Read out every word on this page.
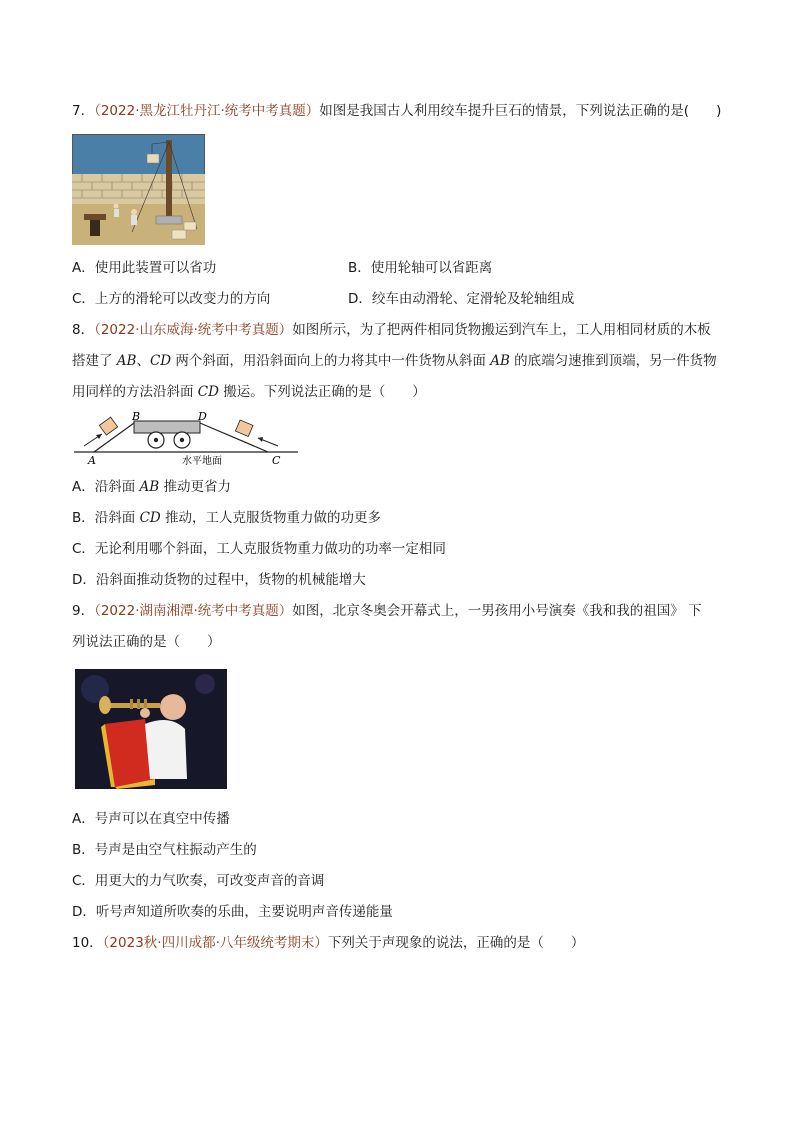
7．（2022·黑龙江牡丹江·统考中考真题）如图是我国古人利用绞车提升巨石的情景，下列说法正确的是(　　)
A．使用此装置可以省功	B．使用轮轴可以省距离
C．上方的滑轮可以改变力的方向	D．绞车由动滑轮、定滑轮及轮轴组成
8．（2022·山东威海·统考中考真题）如图所示，为了把两件相同货物搬运到汽车上，工人用相同材质的木板
搭建了 AB、CD 两个斜面，用沿斜面向上的力将其中一件货物从斜面 AB 的底端匀速推到顶端，另一件货物
用同样的方法沿斜面 CD 搬运。下列说法正确的是（　　）
B	D
A	C
水平地面
A．沿斜面 AB 推动更省力
B．沿斜面 CD 推动，工人克服货物重力做的功更多
C．无论利用哪个斜面，工人克服货物重力做功的功率一定相同
D．沿斜面推动货物的过程中，货物的机械能增大
9．（2022·湖南湘潭·统考中考真题）如图，北京冬奥会开幕式上，一男孩用小号演奏《我和我的祖国》 下
列说法正确的是（　　）
A．号声可以在真空中传播
B．号声是由空气柱振动产生的
C．用更大的力气吹奏，可改变声音的音调
D．听号声知道所吹奏的乐曲，主要说明声音传递能量
10．（2023秋·四川成都·八年级统考期末）下列关于声现象的说法，正确的是（　　）
